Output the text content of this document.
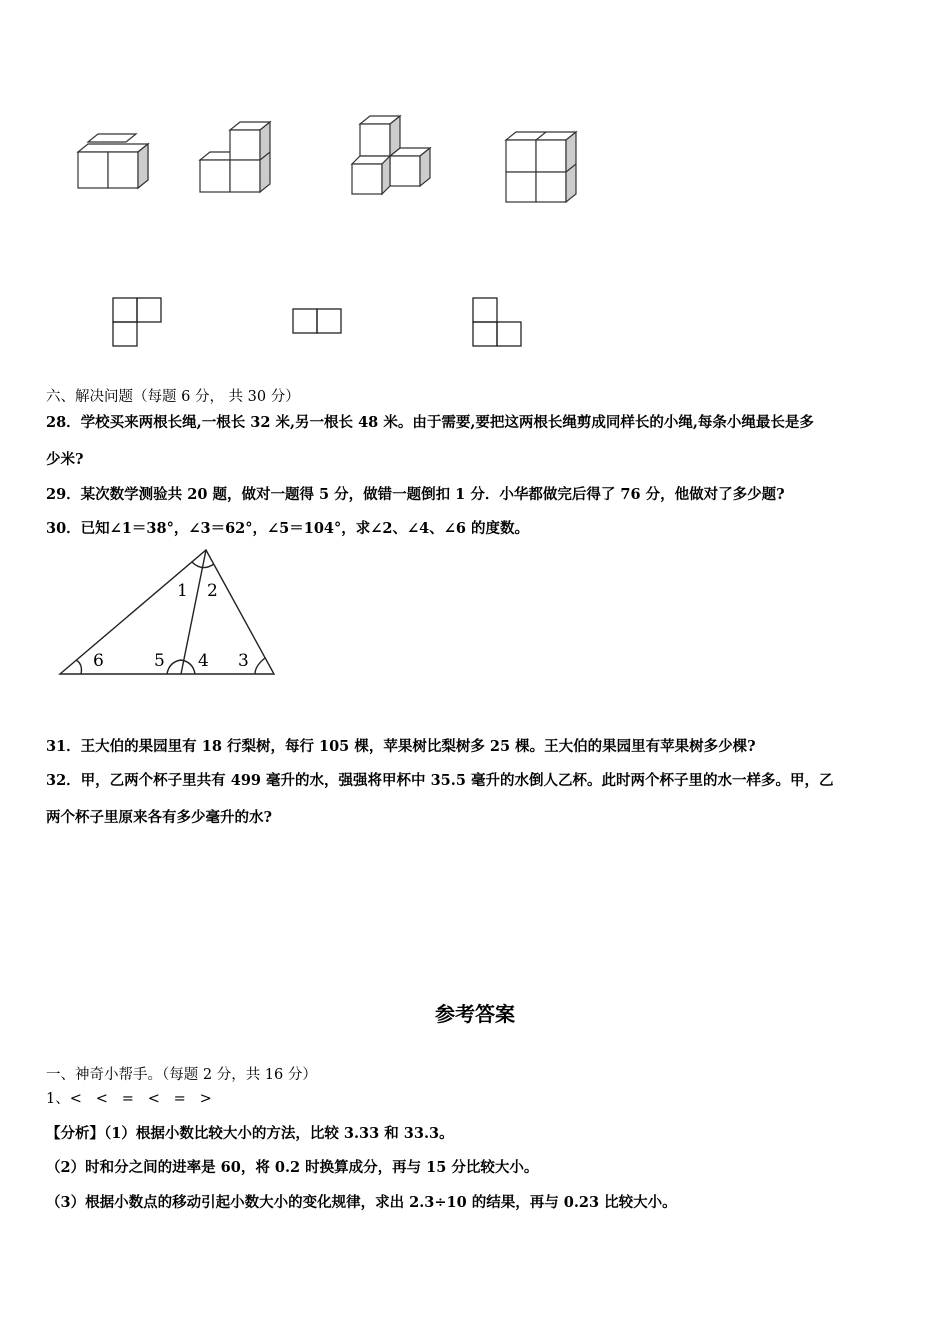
六、解决问题（每题 6 分， 共 30 分）
28．学校买来两根长绳,一根长 32 米,另一根长 48 米。由于需要,要把这两根长绳剪成同样长的小绳,每条小绳最长是多
少米?
29．某次数学测验共 20 题，做对一题得 5 分，做错一题倒扣 1 分．小华都做完后得了 76 分，他做对了多少题?
30．已知∠1＝38°，∠3＝62°，∠5＝104°，求∠2、∠4、∠6 的度数。
1 2
6	5 4 3
31．王大伯的果园里有 18 行梨树，每行 105 棵，苹果树比梨树多 25 棵。王大伯的果园里有苹果树多少棵?
32．甲，乙两个杯子里共有 499 毫升的水，强强将甲杯中 35.5 毫升的水倒人乙杯。此时两个杯子里的水一样多。甲，乙
两个杯子里原来各有多少毫升的水?
参考答案
一、神奇小帮手。（每题 2 分，共 16 分）
1、< < = < = >
【分析】（1）根据小数比较大小的方法，比较 3.33 和 33.3。
（2）时和分之间的进率是 60，将 0.2 时换算成分，再与 15 分比较大小。
（3）根据小数点的移动引起小数大小的变化规律，求出 2.3÷10 的结果，再与 0.23 比较大小。
